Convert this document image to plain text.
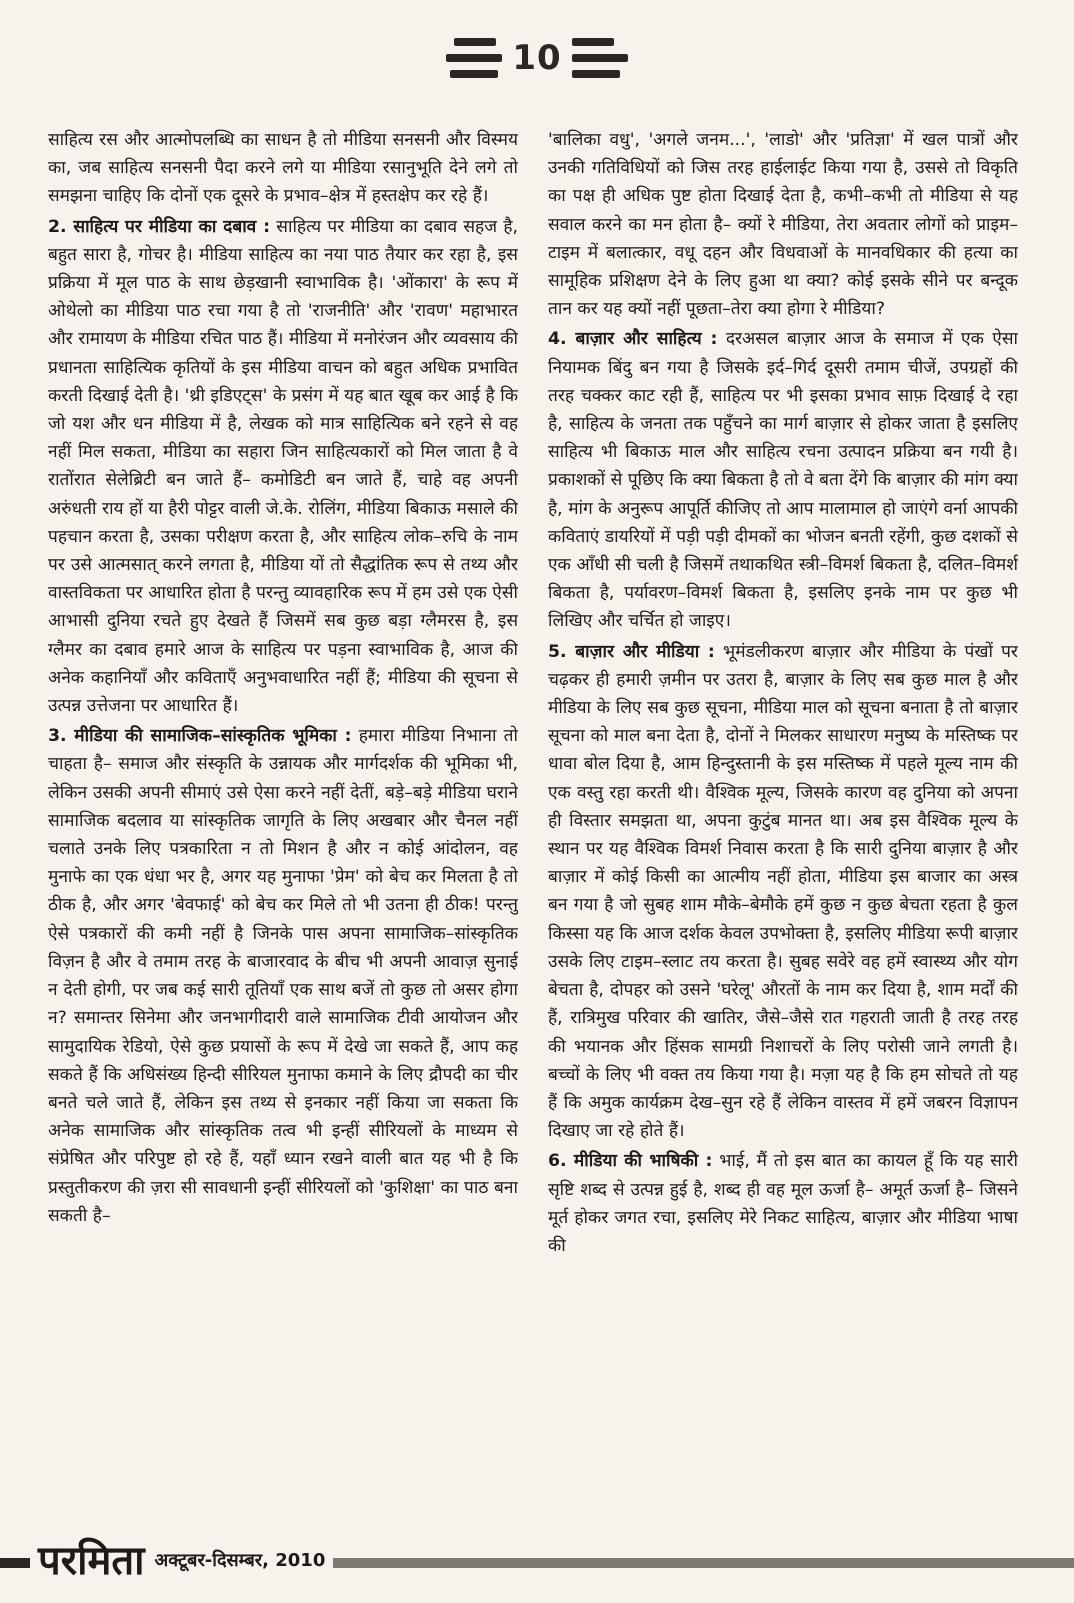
10

साहित्य रस और आत्मोपलब्धि का साधन है तो मीडिया सनसनी और विस्मय का, जब साहित्य सनसनी पैदा करने लगे या मीडिया रसानुभूति देने लगे तो समझना चाहिए कि दोनों एक दूसरे के प्रभाव–क्षेत्र में हस्तक्षेप कर रहे हैं।

2. साहित्य पर मीडिया का दबाव : साहित्य पर मीडिया का दबाव सहज है, बहुत सारा है, गोचर है। मीडिया साहित्य का नया पाठ तैयार कर रहा है, इस प्रक्रिया में मूल पाठ के साथ छेड़खानी स्वाभाविक है। 'ओंकारा' के रूप में ओथेलो का मीडिया पाठ रचा गया है तो 'राजनीति' और 'रावण' महाभारत और रामायण के मीडिया रचित पाठ हैं। मीडिया में मनोरंजन और व्यवसाय की प्रधानता साहित्यिक कृतियों के इस मीडिया वाचन को बहुत अधिक प्रभावित करती दिखाई देती है। 'थ्री इडिएट्स' के प्रसंग में यह बात खूब कर आई है कि जो यश और धन मीडिया में है, लेखक को मात्र साहित्यिक बने रहने से वह नहीं मिल सकता, मीडिया का सहारा जिन साहित्यकारों को मिल जाता है वे रातोंरात सेलेब्रिटी बन जाते हैं– कमोडिटी बन जाते हैं, चाहे वह अपनी अरुंधती राय हों या हैरी पोट्टर वाली जे.के. रोलिंग, मीडिया बिकाऊ मसाले की पहचान करता है, उसका परीक्षण करता है, और साहित्य लोक–रुचि के नाम पर उसे आत्मसात् करने लगता है, मीडिया यों तो सैद्धांतिक रूप से तथ्य और वास्तविकता पर आधारित होता है परन्तु व्यावहारिक रूप में हम उसे एक ऐसी आभासी दुनिया रचते हुए देखते हैं जिसमें सब कुछ बड़ा ग्लैमरस है, इस ग्लैमर का दबाव हमारे आज के साहित्य पर पड़ना स्वाभाविक है, आज की अनेक कहानियाँ और कविताएँ अनुभवाधारित नहीं हैं; मीडिया की सूचना से उत्पन्न उत्तेजना पर आधारित हैं।

3. मीडिया की सामाजिक–सांस्कृतिक भूमिका : हमारा मीडिया निभाना तो चाहता है– समाज और संस्कृति के उन्नायक और मार्गदर्शक की भूमिका भी, लेकिन उसकी अपनी सीमाएं उसे ऐसा करने नहीं देतीं, बड़े–बड़े मीडिया घराने सामाजिक बदलाव या सांस्कृतिक जागृति के लिए अखबार और चैनल नहीं चलाते उनके लिए पत्रकारिता न तो मिशन है और न कोई आंदोलन, वह मुनाफे का एक धंधा भर है, अगर यह मुनाफा 'प्रेम' को बेच कर मिलता है तो ठीक है, और अगर 'बेवफाई' को बेच कर मिले तो भी उतना ही ठीक! परन्तु ऐसे पत्रकारों की कमी नहीं है जिनके पास अपना सामाजिक–सांस्कृतिक विज़न है और वे तमाम तरह के बाजारवाद के बीच भी अपनी आवाज़ सुनाई न देती होगी, पर जब कई सारी तूतियाँ एक साथ बजें तो कुछ तो असर होगा न? समान्तर सिनेमा और जनभागीदारी वाले सामाजिक टीवी आयोजन और सामुदायिक रेडियो, ऐसे कुछ प्रयासों के रूप में देखे जा सकते हैं, आप कह सकते हैं कि अधिसंख्य हिन्दी सीरियल मुनाफा कमाने के लिए द्रौपदी का चीर बनते चले जाते हैं, लेकिन इस तथ्य से इनकार नहीं किया जा सकता कि अनेक सामाजिक और सांस्कृतिक तत्व भी इन्हीं सीरियलों के माध्यम से संप्रेषित और परिपुष्ट हो रहे हैं, यहाँ ध्यान रखने वाली बात यह भी है कि प्रस्तुतीकरण की ज़रा सी सावधानी इन्हीं सीरियलों को 'कुशिक्षा' का पाठ बना सकती है–

'बालिका वधु', 'अगले जनम...', 'लाडो' और 'प्रतिज्ञा' में खल पात्रों और उनकी गतिविधियों को जिस तरह हाईलाईट किया गया है, उससे तो विकृति का पक्ष ही अधिक पुष्ट होता दिखाई देता है, कभी–कभी तो मीडिया से यह सवाल करने का मन होता है– क्यों रे मीडिया, तेरा अवतार लोगों को प्राइम–टाइम में बलात्कार, वधू दहन और विधवाओं के मानवधिकार की हत्या का सामूहिक प्रशिक्षण देने के लिए हुआ था क्या? कोई इसके सीने पर बन्दूक तान कर यह क्यों नहीं पूछता–तेरा क्या होगा रे मीडिया?

4. बाज़ार और साहित्य : दरअसल बाज़ार आज के समाज में एक ऐसा नियामक बिंदु बन गया है जिसके इर्द–गिर्द दूसरी तमाम चीजें, उपग्रहों की तरह चक्कर काट रही हैं, साहित्य पर भी इसका प्रभाव साफ़ दिखाई दे रहा है, साहित्य के जनता तक पहुँचने का मार्ग बाज़ार से होकर जाता है इसलिए साहित्य भी बिकाऊ माल और साहित्य रचना उत्पादन प्रक्रिया बन गयी है। प्रकाशकों से पूछिए कि क्या बिकता है तो वे बता देंगे कि बाज़ार की मांग क्या है, मांग के अनुरूप आपूर्ति कीजिए तो आप मालामाल हो जाएंगे वर्ना आपकी कविताएं डायरियों में पड़ी पड़ी दीमकों का भोजन बनती रहेंगी, कुछ दशकों से एक आँधी सी चली है जिसमें तथाकथित स्त्री–विमर्श बिकता है, दलित–विमर्श बिकता है, पर्यावरण–विमर्श बिकता है, इसलिए इनके नाम पर कुछ भी लिखिए और चर्चित हो जाइए।

5. बाज़ार और मीडिया : भूमंडलीकरण बाज़ार और मीडिया के पंखों पर चढ़कर ही हमारी ज़मीन पर उतरा है, बाज़ार के लिए सब कुछ माल है और मीडिया के लिए सब कुछ सूचना, मीडिया माल को सूचना बनाता है तो बाज़ार सूचना को माल बना देता है, दोनों ने मिलकर साधारण मनुष्य के मस्तिष्क पर धावा बोल दिया है, आम हिन्दुस्तानी के इस मस्तिष्क में पहले मूल्य नाम की एक वस्तु रहा करती थी। वैश्विक मूल्य, जिसके कारण वह दुनिया को अपना ही विस्तार समझता था, अपना कुटुंब मानत था। अब इस वैश्विक मूल्य के स्थान पर यह वैश्विक विमर्श निवास करता है कि सारी दुनिया बाज़ार है और बाज़ार में कोई किसी का आत्मीय नहीं होता, मीडिया इस बाजार का अस्त्र बन गया है जो सुबह शाम मौके–बेमौके हमें कुछ न कुछ बेचता रहता है कुल किस्सा यह कि आज दर्शक केवल उपभोक्ता है, इसलिए मीडिया रूपी बाज़ार उसके लिए टाइम–स्लाट तय करता है। सुबह सवेरे वह हमें स्वास्थ्य और योग बेचता है, दोपहर को उसने 'घरेलू' औरतों के नाम कर दिया है, शाम मर्दों की हैं, रात्रिमुख परिवार की खातिर, जैसे–जैसे रात गहराती जाती है तरह तरह की भयानक और हिंसक सामग्री निशाचरों के लिए परोसी जाने लगती है। बच्चों के लिए भी वक्त तय किया गया है। मज़ा यह है कि हम सोचते तो यह हैं कि अमुक कार्यक्रम देख–सुन रहे हैं लेकिन वास्तव में हमें जबरन विज्ञापन दिखाए जा रहे होते हैं।

6. मीडिया की भाषिकी : भाई, मैं तो इस बात का कायल हूँ कि यह सारी सृष्टि शब्द से उत्पन्न हुई है, शब्द ही वह मूल ऊर्जा है– अमूर्त ऊर्जा है– जिसने मूर्त होकर जगत रचा, इसलिए मेरे निकट साहित्य, बाज़ार और मीडिया भाषा की

परमिता अक्टूबर-दिसम्बर, 2010
